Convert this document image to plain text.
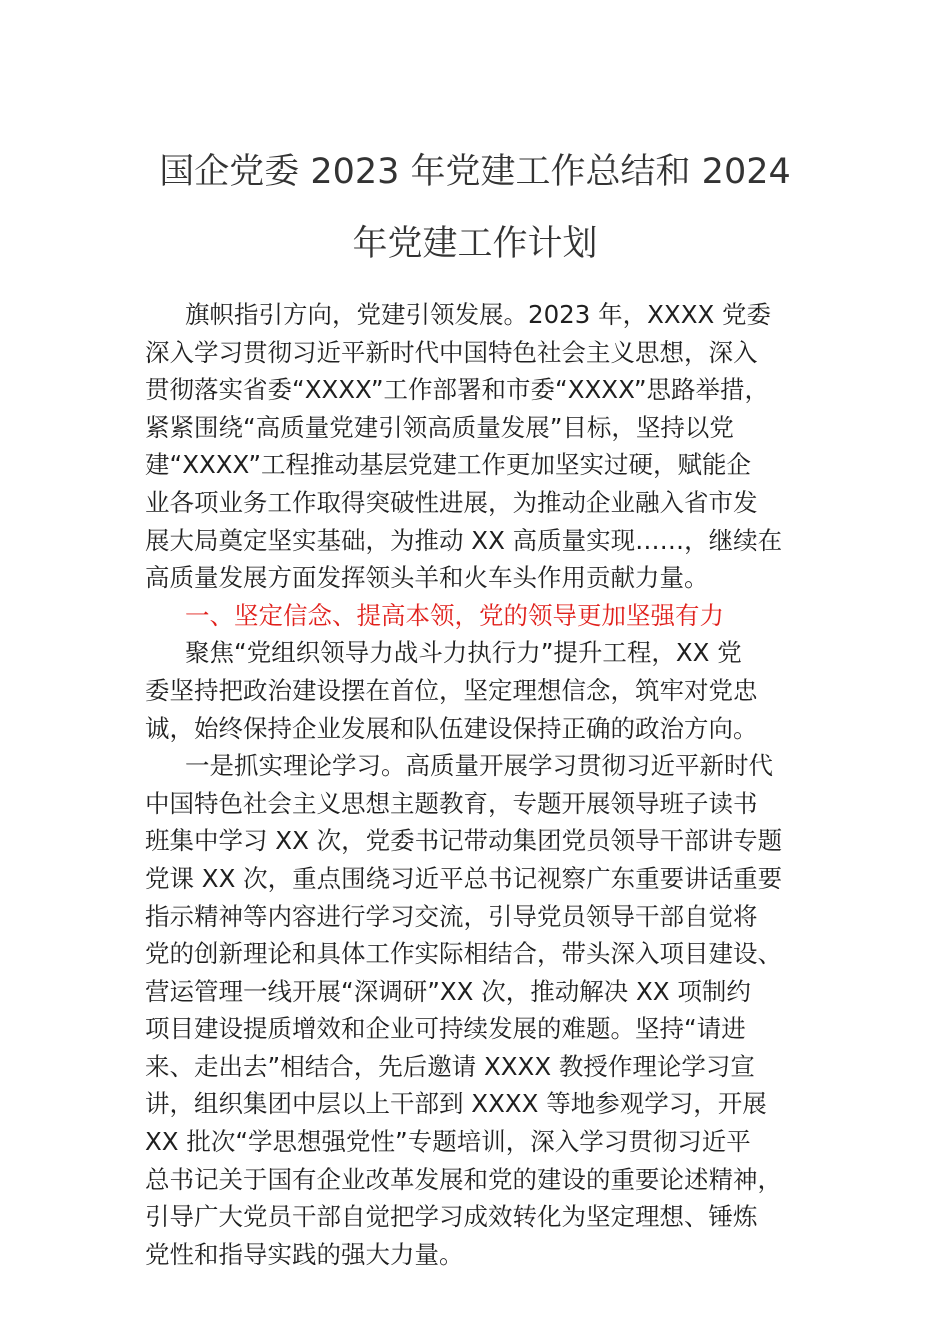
国企党委 2023 年党建工作总结和 2024
年党建工作计划
旗帜指引方向，党建引领发展。2023 年，XXXX 党委
深入学习贯彻习近平新时代中国特色社会主义思想，深入
贯彻落实省委“XXXX”工作部署和市委“XXXX”思路举措，
紧紧围绕“高质量党建引领高质量发展”目标，坚持以党
建“XXXX”工程推动基层党建工作更加坚实过硬，赋能企
业各项业务工作取得突破性进展，为推动企业融入省市发
展大局奠定坚实基础，为推动 XX 高质量实现……，继续在
高质量发展方面发挥领头羊和火车头作用贡献力量。
一、坚定信念、提高本领，党的领导更加坚强有力
聚焦“党组织领导力战斗力执行力”提升工程，XX 党
委坚持把政治建设摆在首位，坚定理想信念，筑牢对党忠
诚，始终保持企业发展和队伍建设保持正确的政治方向。
一是抓实理论学习。高质量开展学习贯彻习近平新时代
中国特色社会主义思想主题教育，专题开展领导班子读书
班集中学习 XX 次，党委书记带动集团党员领导干部讲专题
党课 XX 次，重点围绕习近平总书记视察广东重要讲话重要
指示精神等内容进行学习交流，引导党员领导干部自觉将
党的创新理论和具体工作实际相结合，带头深入项目建设、
营运管理一线开展“深调研”XX 次，推动解决 XX 项制约
项目建设提质增效和企业可持续发展的难题。坚持“请进
来、走出去”相结合，先后邀请 XXXX 教授作理论学习宣
讲，组织集团中层以上干部到 XXXX 等地参观学习，开展
XX 批次“学思想强党性”专题培训，深入学习贯彻习近平
总书记关于国有企业改革发展和党的建设的重要论述精神，
引导广大党员干部自觉把学习成效转化为坚定理想、锤炼
党性和指导实践的强大力量。
